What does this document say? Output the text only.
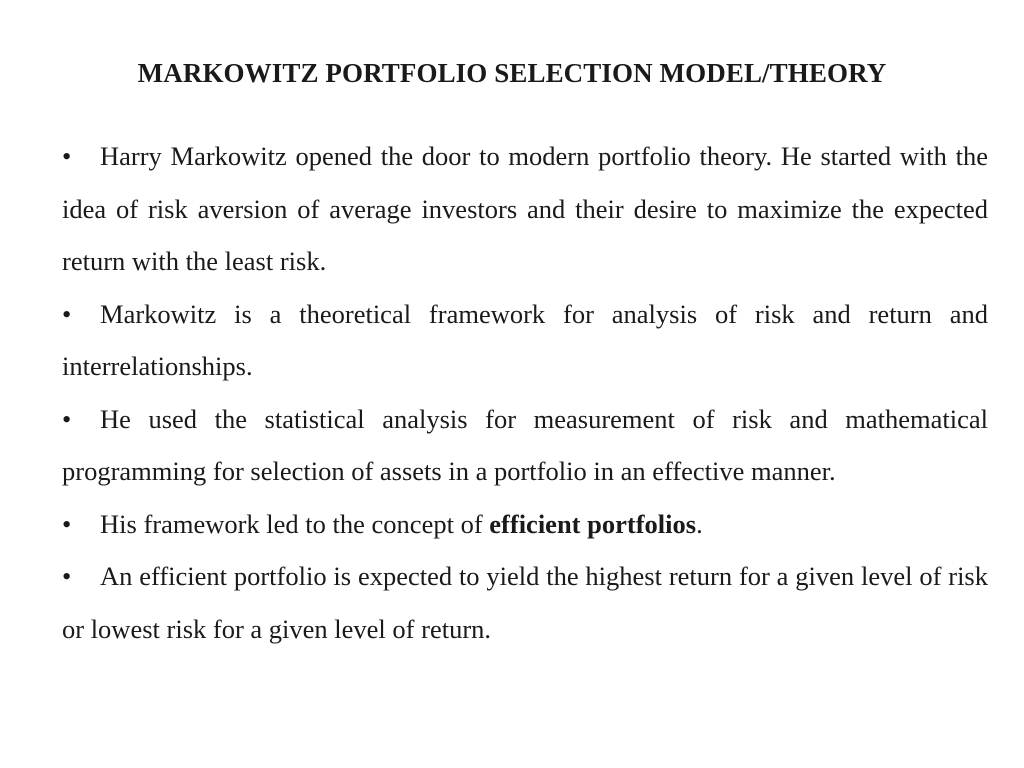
MARKOWITZ PORTFOLIO SELECTION MODEL/THEORY

• Harry Markowitz opened the door to modern portfolio theory. He started with the idea of risk aversion of average investors and their desire to maximize the expected return with the least risk.

• Markowitz is a theoretical framework for analysis of risk and return and interrelationships.

• He used the statistical analysis for measurement of risk and mathematical programming for selection of assets in a portfolio in an effective manner.

• His framework led to the concept of efficient portfolios.

• An efficient portfolio is expected to yield the highest return for a given level of risk or lowest risk for a given level of return.
